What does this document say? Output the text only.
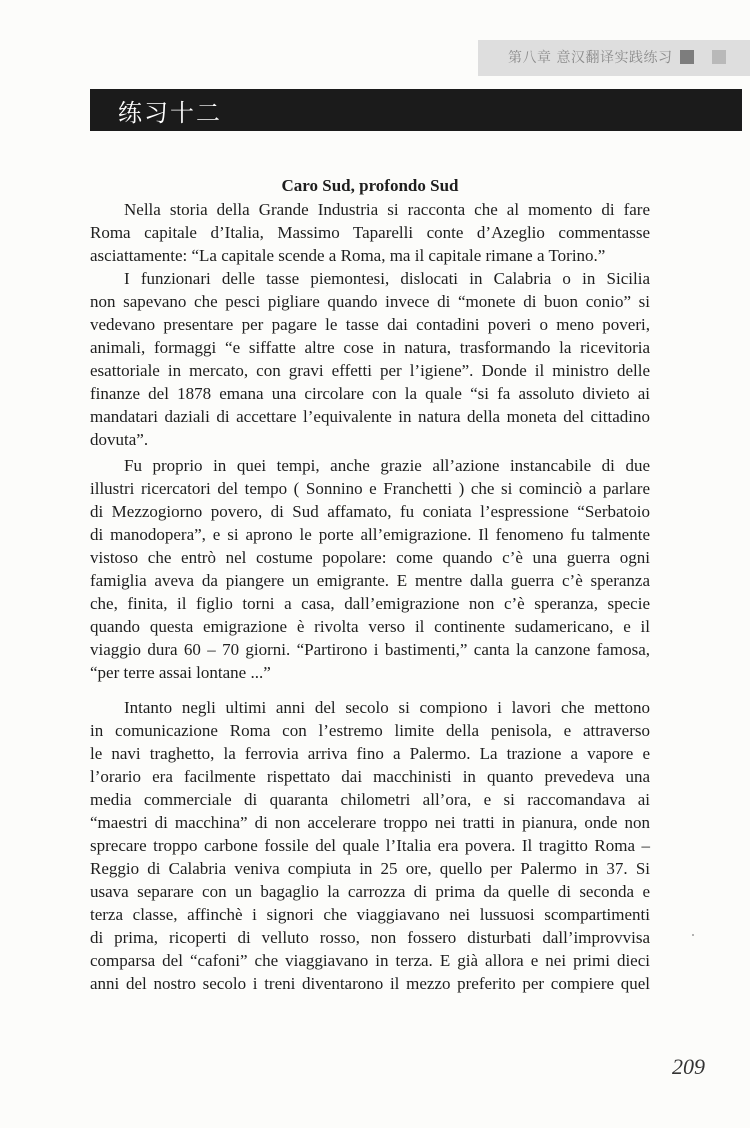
第八章 意汉翻译实践练习
练习十二
Caro Sud, profondo Sud
Nella storia della Grande Industria si racconta che al momento di fare
Roma capitale d’Italia, Massimo Taparelli conte d’Azeglio commentasse
asciattamente: “La capitale scende a Roma, ma il capitale rimane a Torino.”
I funzionari delle tasse piemontesi, dislocati in Calabria o in Sicilia
non sapevano che pesci pigliare quando invece di “monete di buon conio” si
vedevano presentare per pagare le tasse dai contadini poveri o meno poveri,
animali, formaggi “e siffatte altre cose in natura, trasformando la ricevitoria
esattoriale in mercato, con gravi effetti per l’igiene”. Donde il ministro delle
finanze del 1878 emana una circolare con la quale “si fa assoluto divieto ai
mandatari daziali di accettare l’equivalente in natura della moneta del cittadino
dovuta”.
Fu proprio in quei tempi, anche grazie all’azione instancabile di due
illustri ricercatori del tempo ( Sonnino e Franchetti ) che si cominciò a parlare
di Mezzogiorno povero, di Sud affamato, fu coniata l’espressione “Serbatoio
di manodopera”, e si aprono le porte all’emigrazione. Il fenomeno fu talmente
vistoso che entrò nel costume popolare: come quando c’è una guerra ogni
famiglia aveva da piangere un emigrante. E mentre dalla guerra c’è speranza
che, finita, il figlio torni a casa, dall’emigrazione non c’è speranza, specie
quando questa emigrazione è rivolta verso il continente sudamericano, e il
viaggio dura 60 – 70 giorni. “Partirono i bastimenti,” canta la canzone famosa,
“per terre assai lontane ...”
Intanto negli ultimi anni del secolo si compiono i lavori che mettono
in comunicazione Roma con l’estremo limite della penisola, e attraverso
le navi traghetto, la ferrovia arriva fino a Palermo. La trazione a vapore e
l’orario era facilmente rispettato dai macchinisti in quanto prevedeva una
media commerciale di quaranta chilometri all’ora, e si raccomandava ai
“maestri di macchina” di non accelerare troppo nei tratti in pianura, onde non
sprecare troppo carbone fossile del quale l’Italia era povera. Il tragitto Roma –
Reggio di Calabria veniva compiuta in 25 ore, quello per Palermo in 37. Si
usava separare con un bagaglio la carrozza di prima da quelle di seconda e
terza classe, affinchè i signori che viaggiavano nei lussuosi scompartimenti
di prima, ricoperti di velluto rosso, non fossero disturbati dall’improvvisa
comparsa del “cafoni” che viaggiavano in terza. E già allora e nei primi dieci
anni del nostro secolo i treni diventarono il mezzo preferito per compiere quel
209
